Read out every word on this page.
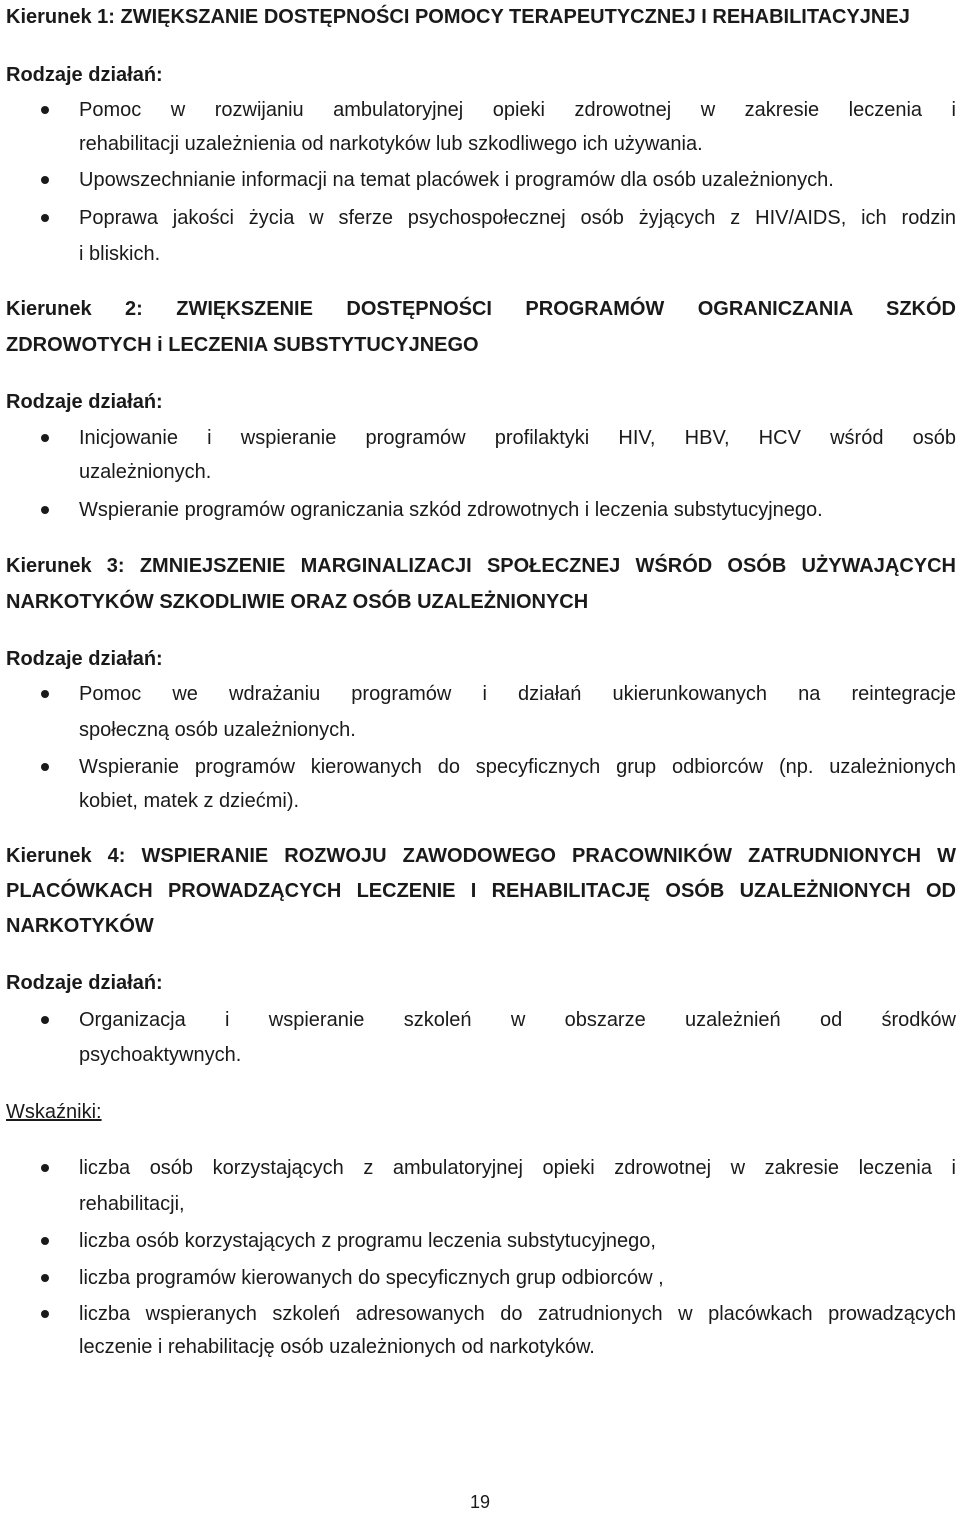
Kierunek 1: ZWIĘKSZANIE DOSTĘPNOŚCI POMOCY TERAPEUTYCZNEJ I REHABILITACYJNEJ

Rodzaje działań:

Pomoc w rozwijaniu ambulatoryjnej opieki zdrowotnej w zakresie leczenia i

rehabilitacji uzależnienia od narkotyków lub szkodliwego ich używania.

Upowszechnianie informacji na temat placówek i programów dla osób uzależnionych.

Poprawa jakości życia w sferze psychospołecznej osób żyjących z HIV/AIDS, ich rodzin

i bliskich.

Kierunek 2: ZWIĘKSZENIE DOSTĘPNOŚCI PROGRAMÓW OGRANICZANIA SZKÓD

ZDROWOTYCH i LECZENIA SUBSTYTUCYJNEGO

Rodzaje działań:

Inicjowanie i wspieranie programów profilaktyki HIV, HBV, HCV wśród osób

uzależnionych.

Wspieranie programów ograniczania szkód zdrowotnych i leczenia substytucyjnego.

Kierunek 3: ZMNIEJSZENIE MARGINALIZACJI SPOŁECZNEJ WŚRÓD OSÓB UŻYWAJĄCYCH

NARKOTYKÓW SZKODLIWIE ORAZ OSÓB UZALEŻNIONYCH

Rodzaje działań:

Pomoc we wdrażaniu programów i działań ukierunkowanych na reintegracje

społeczną osób uzależnionych.

Wspieranie programów kierowanych do specyficznych grup odbiorców (np. uzależnionych

kobiet, matek z dziećmi).

Kierunek 4: WSPIERANIE ROZWOJU ZAWODOWEGO PRACOWNIKÓW ZATRUDNIONYCH W

PLACÓWKACH PROWADZĄCYCH LECZENIE I REHABILITACJĘ OSÓB UZALEŻNIONYCH OD

NARKOTYKÓW

Rodzaje działań:

Organizacja i wspieranie szkoleń w obszarze uzależnień od środków

psychoaktywnych.

Wskaźniki:

liczba osób korzystających z ambulatoryjnej opieki zdrowotnej w zakresie leczenia i

rehabilitacji,

liczba osób korzystających z programu leczenia substytucyjnego,

liczba programów kierowanych do specyficznych grup odbiorców ,

liczba wspieranych szkoleń adresowanych do zatrudnionych w placówkach prowadzących

leczenie i rehabilitację osób uzależnionych od narkotyków.

19
